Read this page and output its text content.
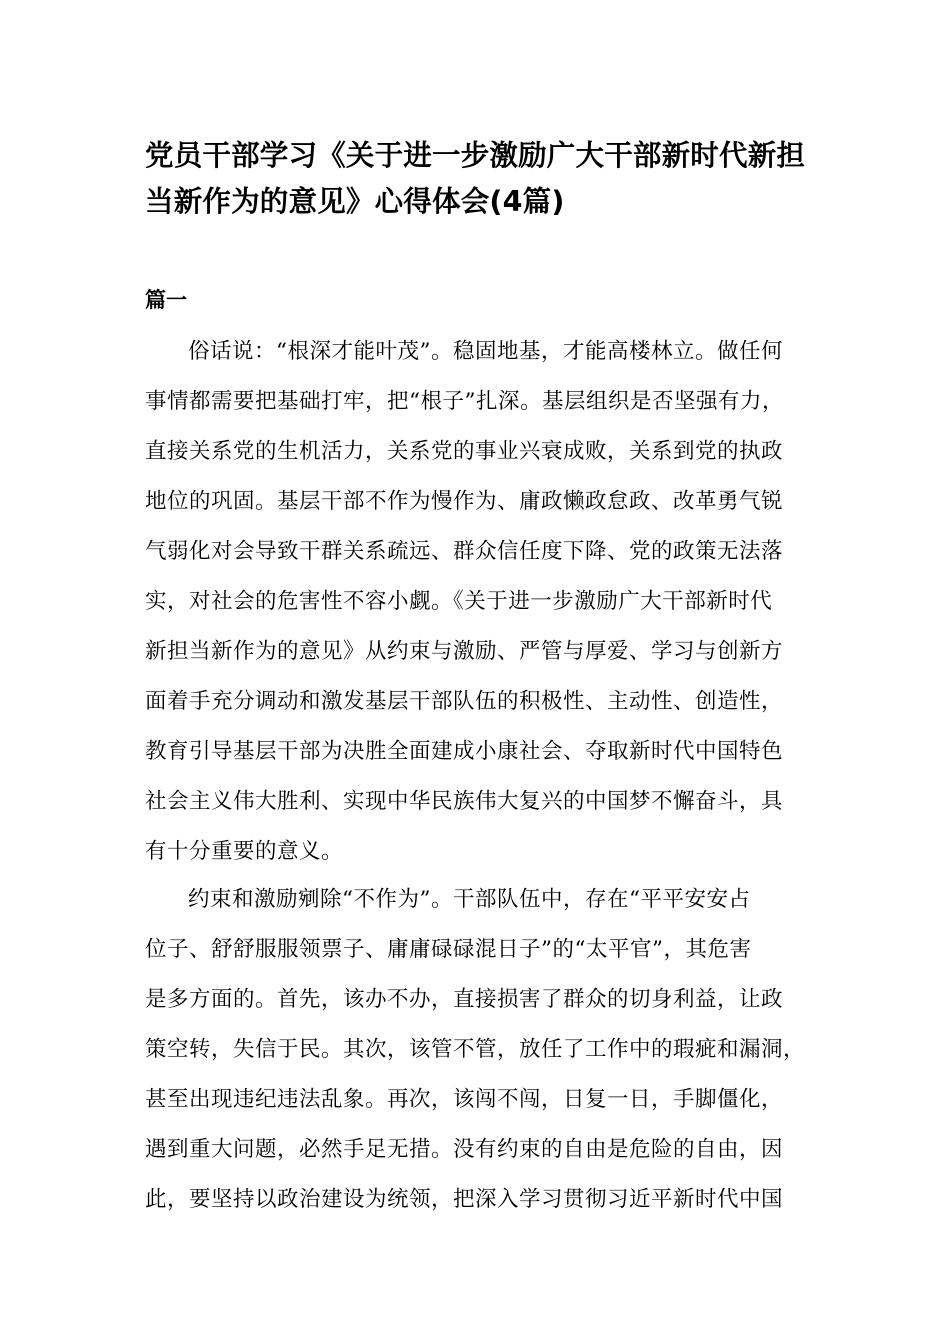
党员干部学习《关于进一步激励广大干部新时代新担
当新作为的意见》心得体会(4篇)
篇一
俗话说：“根深才能叶茂”。稳固地基，才能高楼林立。做任何
事情都需要把基础打牢，把“根子”扎深。基层组织是否坚强有力，
直接关系党的生机活力，关系党的事业兴衰成败，关系到党的执政
地位的巩固。基层干部不作为慢作为、庸政懒政怠政、改革勇气锐
气弱化对会导致干群关系疏远、群众信任度下降、党的政策无法落
实，对社会的危害性不容小觑。《关于进一步激励广大干部新时代
新担当新作为的意见》从约束与激励、严管与厚爱、学习与创新方
面着手充分调动和激发基层干部队伍的积极性、主动性、创造性，
教育引导基层干部为决胜全面建成小康社会、夺取新时代中国特色
社会主义伟大胜利、实现中华民族伟大复兴的中国梦不懈奋斗，具
有十分重要的意义。
约束和激励剜除“不作为”。干部队伍中，存在“平平安安占
位子、舒舒服服领票子、庸庸碌碌混日子”的“太平官”，其危害
是多方面的。首先，该办不办，直接损害了群众的切身利益，让政
策空转，失信于民。其次，该管不管，放任了工作中的瑕疵和漏洞，
甚至出现违纪违法乱象。再次，该闯不闯，日复一日，手脚僵化，
遇到重大问题，必然手足无措。没有约束的自由是危险的自由，因
此，要坚持以政治建设为统领，把深入学习贯彻习近平新时代中国
